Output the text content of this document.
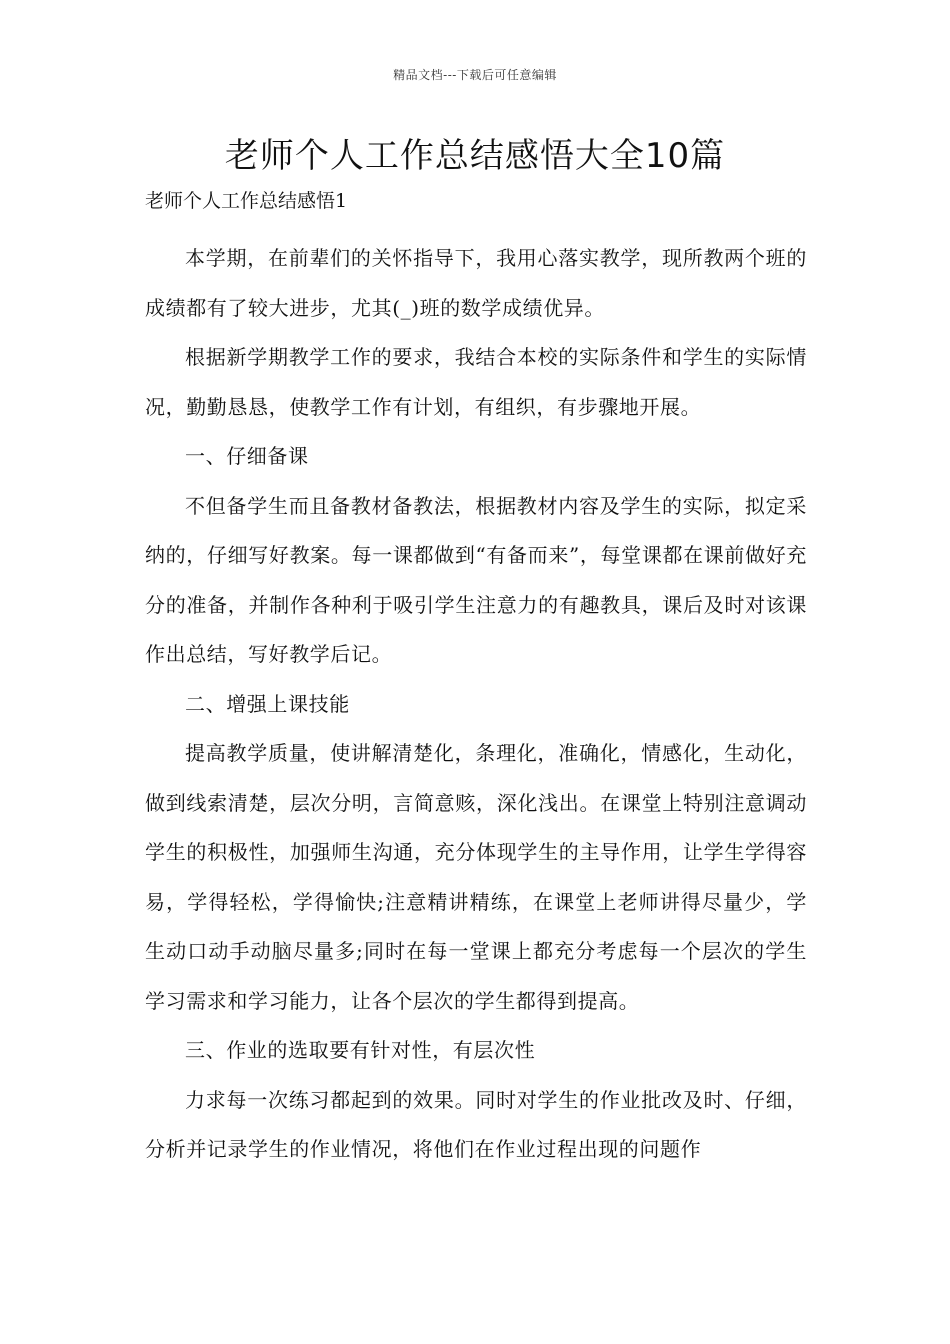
精品文档---下载后可任意编辑
老师个人工作总结感悟大全10篇
老师个人工作总结感悟1

本学期，在前辈们的关怀指导下，我用心落实教学，现所教两个班的成绩都有了较大进步，尤其(_)班的数学成绩优异。

根据新学期教学工作的要求，我结合本校的实际条件和学生的实际情况，勤勤恳恳，使教学工作有计划，有组织，有步骤地开展。

一、仔细备课

不但备学生而且备教材备教法，根据教材内容及学生的实际，拟定采纳的，仔细写好教案。每一课都做到“有备而来”，每堂课都在课前做好充分的准备，并制作各种利于吸引学生注意力的有趣教具，课后及时对该课作出总结，写好教学后记。

二、增强上课技能

提高教学质量，使讲解清楚化，条理化，准确化，情感化，生动化，做到线索清楚，层次分明，言简意赅，深化浅出。在课堂上特别注意调动学生的积极性，加强师生沟通，充分体现学生的主导作用，让学生学得容易，学得轻松，学得愉快;注意精讲精练，在课堂上老师讲得尽量少，学生动口动手动脑尽量多;同时在每一堂课上都充分考虑每一个层次的学生学习需求和学习能力，让各个层次的学生都得到提高。

三、作业的选取要有针对性，有层次性

力求每一次练习都起到的效果。同时对学生的作业批改及时、仔细，分析并记录学生的作业情况，将他们在作业过程出现的问题作
